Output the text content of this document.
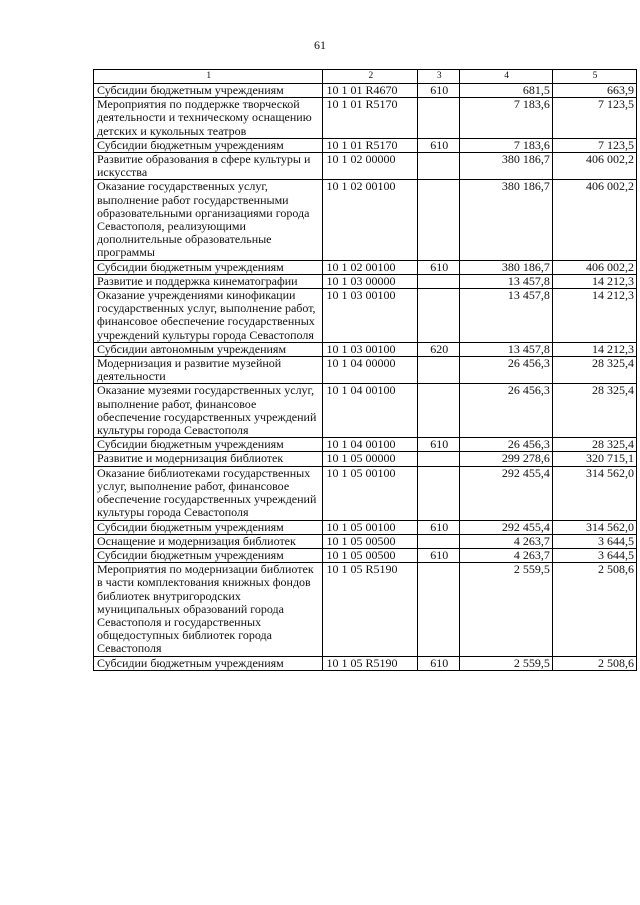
61
1	2	3	4	5
Субсидии бюджетным учреждениям	10 1 01 R4670	610	681,5	663,9
Мероприятия по поддержке творческой деятельности и техническому оснащению детских и кукольных театров	10 1 01 R5170		7 183,6	7 123,5
Субсидии бюджетным учреждениям	10 1 01 R5170	610	7 183,6	7 123,5
Развитие образования в сфере культуры и искусства	10 1 02 00000		380 186,7	406 002,2
Оказание государственных услуг, выполнение работ государственными образовательными организациями города Севастополя, реализующими дополнительные образовательные программы	10 1 02 00100		380 186,7	406 002,2
Субсидии бюджетным учреждениям	10 1 02 00100	610	380 186,7	406 002,2
Развитие и поддержка кинематографии	10 1 03 00000		13 457,8	14 212,3
Оказание учреждениями кинофикации государственных услуг, выполнение работ, финансовое обеспечение государственных учреждений культуры города Севастополя	10 1 03 00100		13 457,8	14 212,3
Субсидии автономным учреждениям	10 1 03 00100	620	13 457,8	14 212,3
Модернизация и развитие музейной деятельности	10 1 04 00000		26 456,3	28 325,4
Оказание музеями государственных услуг, выполнение работ, финансовое обеспечение государственных учреждений культуры города Севастополя	10 1 04 00100		26 456,3	28 325,4
Субсидии бюджетным учреждениям	10 1 04 00100	610	26 456,3	28 325,4
Развитие и модернизация библиотек	10 1 05 00000		299 278,6	320 715,1
Оказание библиотеками государственных услуг, выполнение работ, финансовое обеспечение государственных учреждений культуры города Севастополя	10 1 05 00100		292 455,4	314 562,0
Субсидии бюджетным учреждениям	10 1 05 00100	610	292 455,4	314 562,0
Оснащение и модернизация библиотек	10 1 05 00500		4 263,7	3 644,5
Субсидии бюджетным учреждениям	10 1 05 00500	610	4 263,7	3 644,5
Мероприятия по модернизации библиотек в части комплектования книжных фондов библиотек внутригородских муниципальных образований города Севастополя и государственных общедоступных библиотек города Севастополя	10 1 05 R5190		2 559,5	2 508,6
Субсидии бюджетным учреждениям	10 1 05 R5190	610	2 559,5	2 508,6
